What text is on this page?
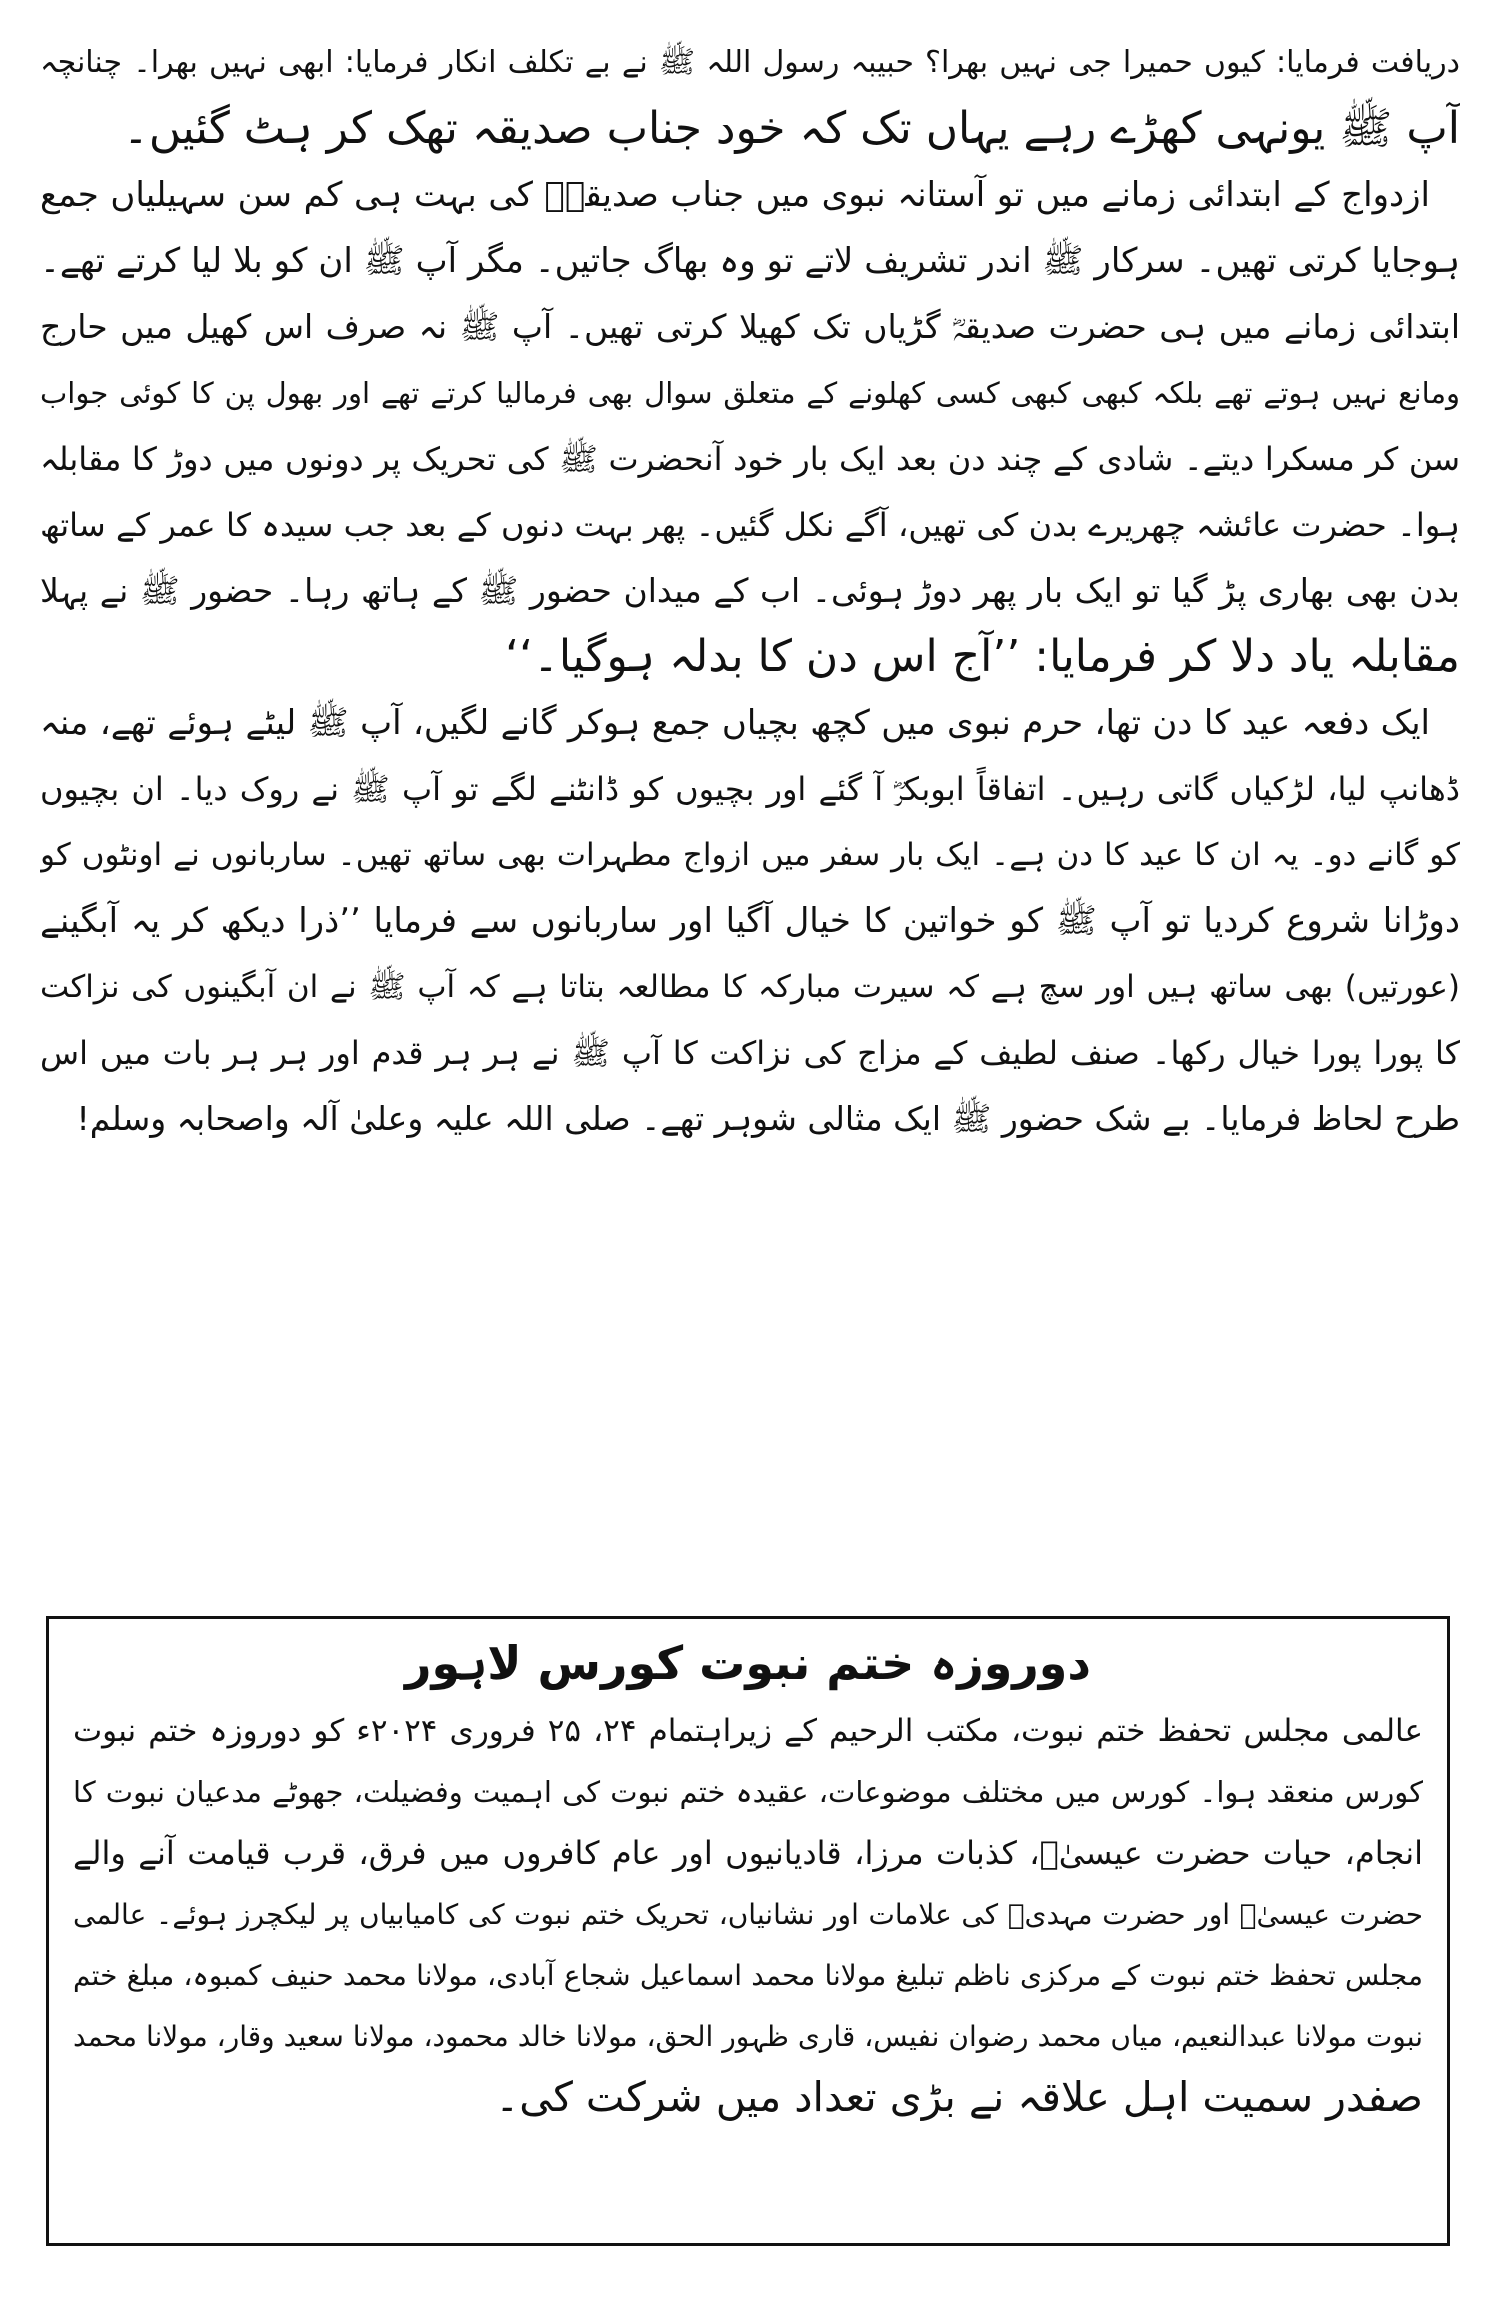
دریافت فرمایا: کیوں حمیرا جی نہیں بھرا؟ حبیبہ رسول اللہ ﷺ نے بے تکلف انکار فرمایا: ابھی نہیں بھرا۔ چنانچہ
آپ ﷺ یونہی کھڑے رہے یہاں تک کہ خود جناب صدیقہ تھک کر ہٹ گئیں۔
ازدواج کے ابتدائی زمانے میں تو آستانہ نبوی میں جناب صدیقہؓ کی بہت ہی کم سن سہیلیاں جمع
ہوجایا کرتی تھیں۔ سرکار ﷺ اندر تشریف لاتے تو وہ بھاگ جاتیں۔ مگر آپ ﷺ ان کو بلا لیا کرتے تھے۔
ابتدائی زمانے میں ہی حضرت صدیقہؓ گڑیاں تک کھیلا کرتی تھیں۔ آپ ﷺ نہ صرف اس کھیل میں حارج
ومانع نہیں ہوتے تھے بلکہ کبھی کبھی کسی کھلونے کے متعلق سوال بھی فرمالیا کرتے تھے اور بھول پن کا کوئی جواب
سن کر مسکرا دیتے۔ شادی کے چند دن بعد ایک بار خود آنحضرت ﷺ کی تحریک پر دونوں میں دوڑ کا مقابلہ
ہوا۔ حضرت عائشہ چھریرے بدن کی تھیں، آگے نکل گئیں۔ پھر بہت دنوں کے بعد جب سیدہ کا عمر کے ساتھ
بدن بھی بھاری پڑ گیا تو ایک بار پھر دوڑ ہوئی۔ اب کے میدان حضور ﷺ کے ہاتھ رہا۔ حضور ﷺ نے پہلا
مقابلہ یاد دلا کر فرمایا: ’’آج اس دن کا بدلہ ہوگیا۔‘‘
ایک دفعہ عید کا دن تھا، حرم نبوی میں کچھ بچیاں جمع ہوکر گانے لگیں، آپ ﷺ لیٹے ہوئے تھے، منہ
ڈھانپ لیا، لڑکیاں گاتی رہیں۔ اتفاقاً ابوبکرؓ آ گئے اور بچیوں کو ڈانٹنے لگے تو آپ ﷺ نے روک دیا۔ ان بچیوں
کو گانے دو۔ یہ ان کا عید کا دن ہے۔ ایک بار سفر میں ازواج مطہرات بھی ساتھ تھیں۔ ساربانوں نے اونٹوں کو
دوڑانا شروع کردیا تو آپ ﷺ کو خواتین کا خیال آگیا اور ساربانوں سے فرمایا ’’ذرا دیکھ کر یہ آبگینے
(عورتیں) بھی ساتھ ہیں اور سچ ہے کہ سیرت مبارکہ کا مطالعہ بتاتا ہے کہ آپ ﷺ نے ان آبگینوں کی نزاکت
کا پورا پورا خیال رکھا۔ صنف لطیف کے مزاج کی نزاکت کا آپ ﷺ نے ہر ہر قدم اور ہر ہر بات میں اس
طرح لحاظ فرمایا۔ بے شک حضور ﷺ ایک مثالی شوہر تھے۔ صلی اللہ علیہ وعلیٰ آلہ واصحابہ وسلم!
دوروزہ ختم نبوت کورس لاہور
عالمی مجلس تحفظ ختم نبوت، مکتب الرحیم کے زیراہتمام ۲۴، ۲۵ فروری ۲۰۲۴ء کو دوروزہ ختم نبوت
کورس منعقد ہوا۔ کورس میں مختلف موضوعات، عقیدہ ختم نبوت کی اہمیت وفضیلت، جھوٹے مدعیان نبوت کا
انجام، حیات حضرت عیسیٰؑ، کذبات مرزا، قادیانیوں اور عام کافروں میں فرق، قرب قیامت آنے والے
حضرت عیسیٰؑ اور حضرت مہدیؓ کی علامات اور نشانیاں، تحریک ختم نبوت کی کامیابیاں پر لیکچرز ہوئے۔ عالمی
مجلس تحفظ ختم نبوت کے مرکزی ناظم تبلیغ مولانا محمد اسماعیل شجاع آبادی، مولانا محمد حنیف کمبوہ، مبلغ ختم
نبوت مولانا عبدالنعیم، میاں محمد رضوان نفیس، قاری ظہور الحق، مولانا خالد محمود، مولانا سعید وقار، مولانا محمد
صفدر سمیت اہل علاقہ نے بڑی تعداد میں شرکت کی۔
